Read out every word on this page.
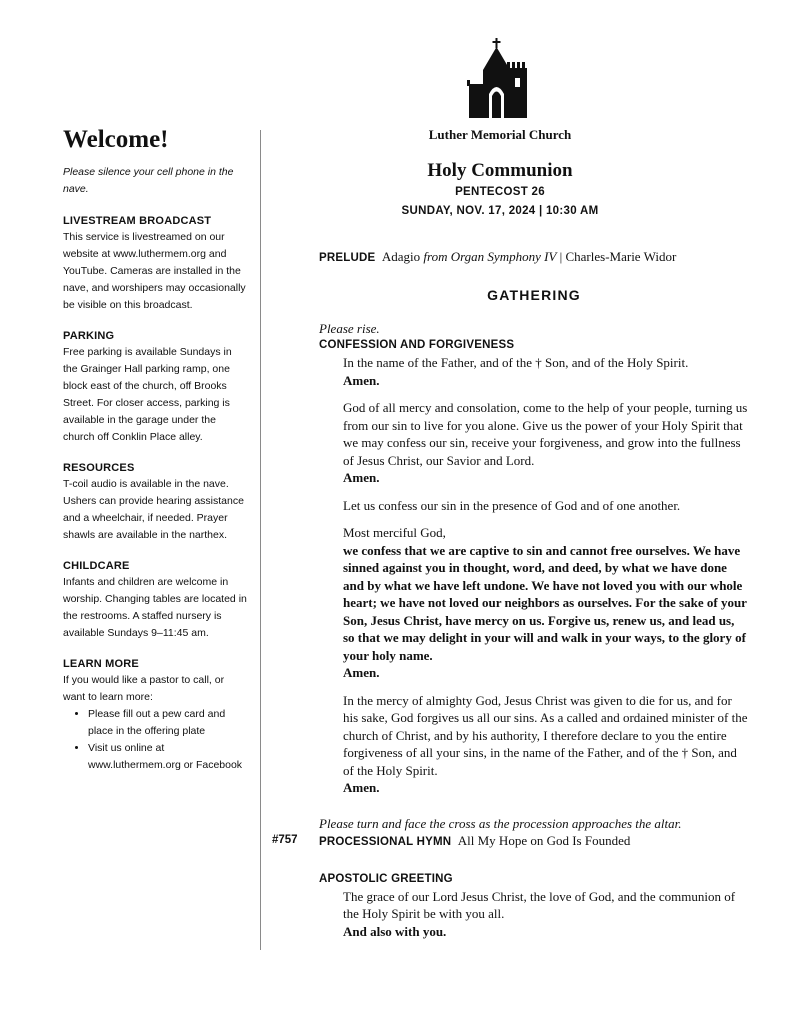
Welcome!
Please silence your cell phone in the nave.
LIVESTREAM BROADCAST
This service is livestreamed on our website at www.luthermem.org and YouTube. Cameras are installed in the nave, and worshipers may occasionally be visible on this broadcast.
PARKING
Free parking is available Sundays in the Grainger Hall parking ramp, one block east of the church, off Brooks Street. For closer access, parking is available in the garage under the church off Conklin Place alley.
RESOURCES
T-coil audio is available in the nave. Ushers can provide hearing assistance and a wheelchair, if needed. Prayer shawls are available in the narthex.
CHILDCARE
Infants and children are welcome in worship. Changing tables are located in the restrooms. A staffed nursery is available Sundays 9–11:45 am.
LEARN MORE
If you would like a pastor to call, or want to learn more:
• Please fill out a pew card and place in the offering plate
• Visit us online at www.luthermem.org or Facebook
Luther Memorial Church
Holy Communion
PENTECOST 26
SUNDAY, NOV. 17, 2024 | 10:30 AM
PRELUDE Adagio from Organ Symphony IV | Charles-Marie Widor
GATHERING
Please rise.
CONFESSION AND FORGIVENESS

In the name of the Father, and of the † Son, and of the Holy Spirit.
Amen.

God of all mercy and consolation, come to the help of your people, turning us from our sin to live for you alone. Give us the power of your Holy Spirit that we may confess our sin, receive your forgiveness, and grow into the fullness of Jesus Christ, our Savior and Lord.
Amen.

Let us confess our sin in the presence of God and of one another.

Most merciful God,
we confess that we are captive to sin and cannot free ourselves. We have sinned against you in thought, word, and deed, by what we have done and by what we have left undone. We have not loved you with our whole heart; we have not loved our neighbors as ourselves. For the sake of your Son, Jesus Christ, have mercy on us. Forgive us, renew us, and lead us, so that we may delight in your will and walk in your ways, to the glory of your holy name.
Amen.

In the mercy of almighty God, Jesus Christ was given to die for us, and for his sake, God forgives us all our sins. As a called and ordained minister of the church of Christ, and by his authority, I therefore declare to you the entire forgiveness of all your sins, in the name of the Father, and of the † Son, and of the Holy Spirit.
Amen.

Please turn and face the cross as the procession approaches the altar.
#757 PROCESSIONAL HYMN All My Hope on God Is Founded
APOSTOLIC GREETING

The grace of our Lord Jesus Christ, the love of God, and the communion of the Holy Spirit be with you all.
And also with you.
